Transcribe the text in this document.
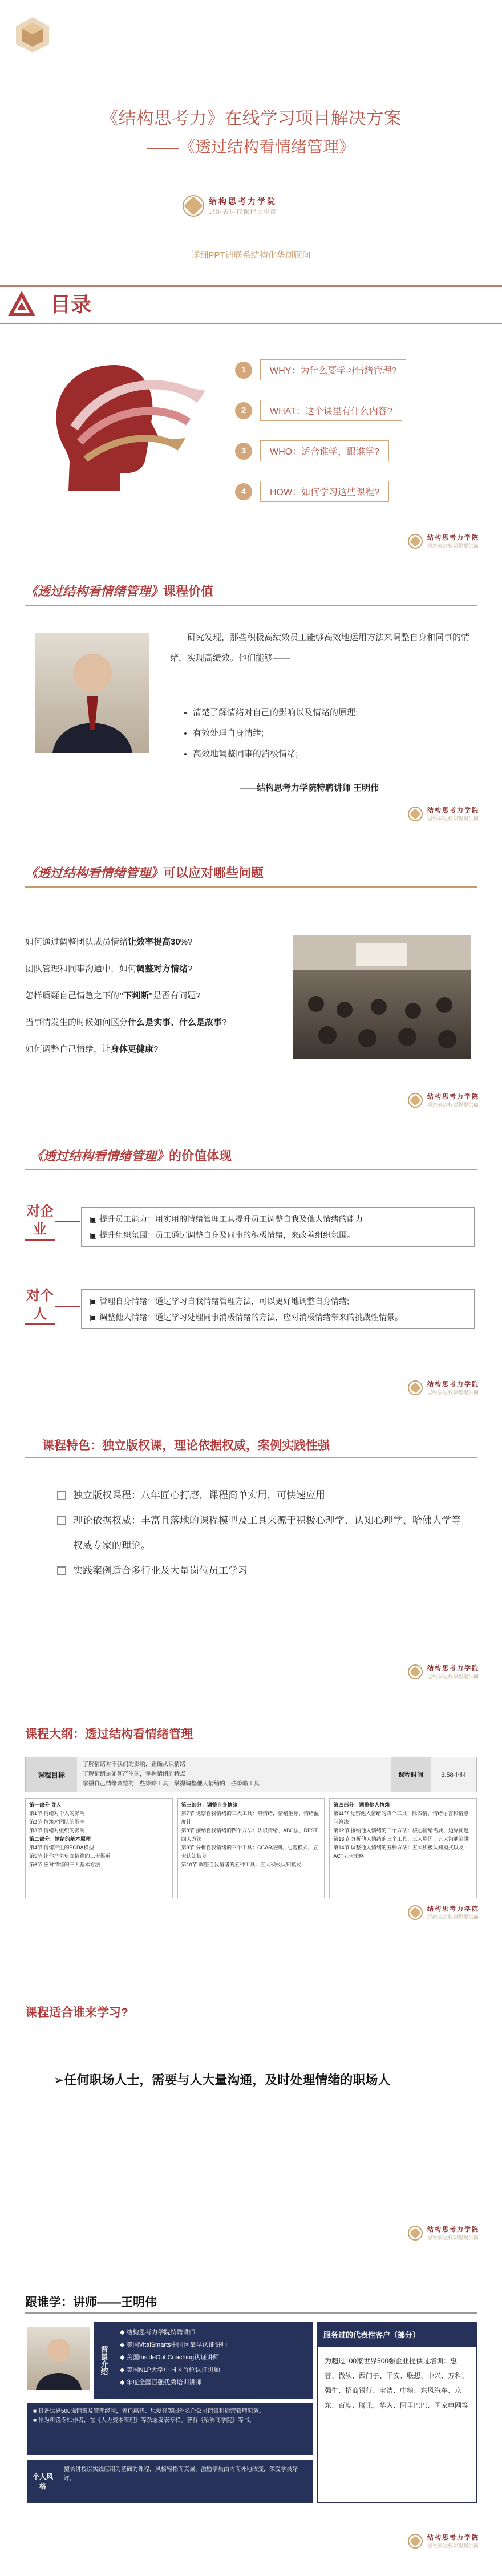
《结构思考力》在线学习项目解决方案
——《透过结构看情绪管理》
结构思考力学院
思维表达权课程提供商
详细PPT请联系结构化华创顾问
目录
1	WHY：为什么要学习情绪管理?
2	WHAT：这个课里有什么内容?
3	WHO：适合谁学，跟谁学?
4	HOW：如何学习这些课程?
结构思考力学院
思维表达权课程提供商
《透过结构看情绪管理》课程价值
研究发现，那些积极高绩效员工能够高效地运用方法来调整自身和同事的情绪，实现高绩效。他们能够——
• 清楚了解情绪对自己的影响以及情绪的原理;
• 有效处理自身情绪;
• 高效地调整同事的消极情绪;
——结构思考力学院特聘讲师 王明伟
结构思考力学院
思维表达权课程提供商
《透过结构看情绪管理》可以应对哪些问题
如何通过调整团队成员情绪让效率提高30%?
团队管理和同事沟通中，如何调整对方情绪?
怎样质疑自己情急之下的"下判断"是否有问题?
当事情发生的时候如何区分什么是实事、什么是故事?
如何调整自己情绪，让身体更健康?
结构思考力学院
思维表达权课程提供商
《透过结构看情绪管理》的价值体现
对企业
▣ 提升员工能力：用实用的情绪管理工具提升员工调整自我及他人情绪的能力
▣ 提升组织氛围：员工通过调整自身及同事的积极情绪，来改善组织氛围。
对个人
▣ 管理自身情绪：通过学习自我情绪管理方法，可以更好地调整自身情绪;
▣ 调整他人情绪：通过学习处理同事消极情绪的方法，应对消极情绪带来的挑战性情景。
结构思考力学院
思维表达权课程提供商
课程特色：独立版权课，理论依据权威，案例实践性强
独立版权课程：八年匠心打磨，课程简单实用，可快速应用
理论依据权威：丰富且落地的课程模型及工具来源于积极心理学、认知心理学、哈佛大学等权威专家的理论。
实践案例适合多行业及大量岗位员工学习
结构思考力学院
思维表达权课程提供商
课程大纲：透过结构看情绪管理
课程目标
了解情绪对于我们的影响，正确认识情绪
了解情绪是如何产生的，掌握情绪的特点
掌握自己情绪调整的一些策略工具，掌握调整他人情绪的一些策略工具
课程时间	3.58小时
第一部分 导入
第1节 情绪对个人的影响
第2节 情绪对团队的影响
第3节 情绪对组织的影响
第二部分：情绪的基本原理
第4节 情绪产生的ECDA模型
第5节 让你产生负面情绪的三大渠道
第6节 应对情绪的三大基本方法
第三部分：调整自身情绪
第7节 觉察自我情绪的三大工具：辨情绪，情绪坐标、情绪温度计
第8节 接纳自我情绪的四个方法：认识情绪、ABC法、REST四大方法
第9节 分析自我情绪的三个工具：CCAR法则、心智模式、五大认知偏差
第10节 调整自我情绪的五种工具：五大积极认知模式
第四部分：调整他人情绪
第11节 觉察他人情绪的四个工具：除表情、情绪语言和情感问答法
第12节 接纳他人情绪的三个方法：核心情绪需要、边界问题
第13节 分析他人情绪的三个工具：三大原因、五大沟通陷阱
第14节 调整他人情绪的五种方法：五大积极认知模式以及ACT五大策略
结构思考力学院
思维表达权课程提供商
课程适合谁来学习?
➢任何职场人士，需要与人大量沟通，及时处理情绪的职场人
结构思考力学院
思维表达权课程提供商
跟谁学：讲师——王明伟
背景介绍
◆ 结构思考力学院特聘讲师
◆ 美国VitalSmarts中国区最早认证讲师
◆ 美国InsideOut Coaching认证讲师
◆ 美国NLP大学中国区首位认证讲师
◆ 年度全国百强优秀培训讲师
■ 具备世界500强销售及管理经验，曾任惠普、思爱普等国外名企公司销售和运营管理职务。
■ 作为新锐专栏作者，在《人力资本管理》等杂志发表专栏。著有《哈佛商学院》等书。
个人风格
擅长讲授以实践应用为基础的课程，风格轻松而真诚，激励学员由内而外地改变，深受学员好评。
服务过的代表性客户（部分）
为超过100家世界500强企业提供过培训：惠普、微软、西门子、平安、联想、中兴、万科、强生、招商银行、宝洁、中粮、东风汽车、京东、百度、腾讯、华为、阿里巴巴、国家电网等
结构思考力学院
思维表达权课程提供商
